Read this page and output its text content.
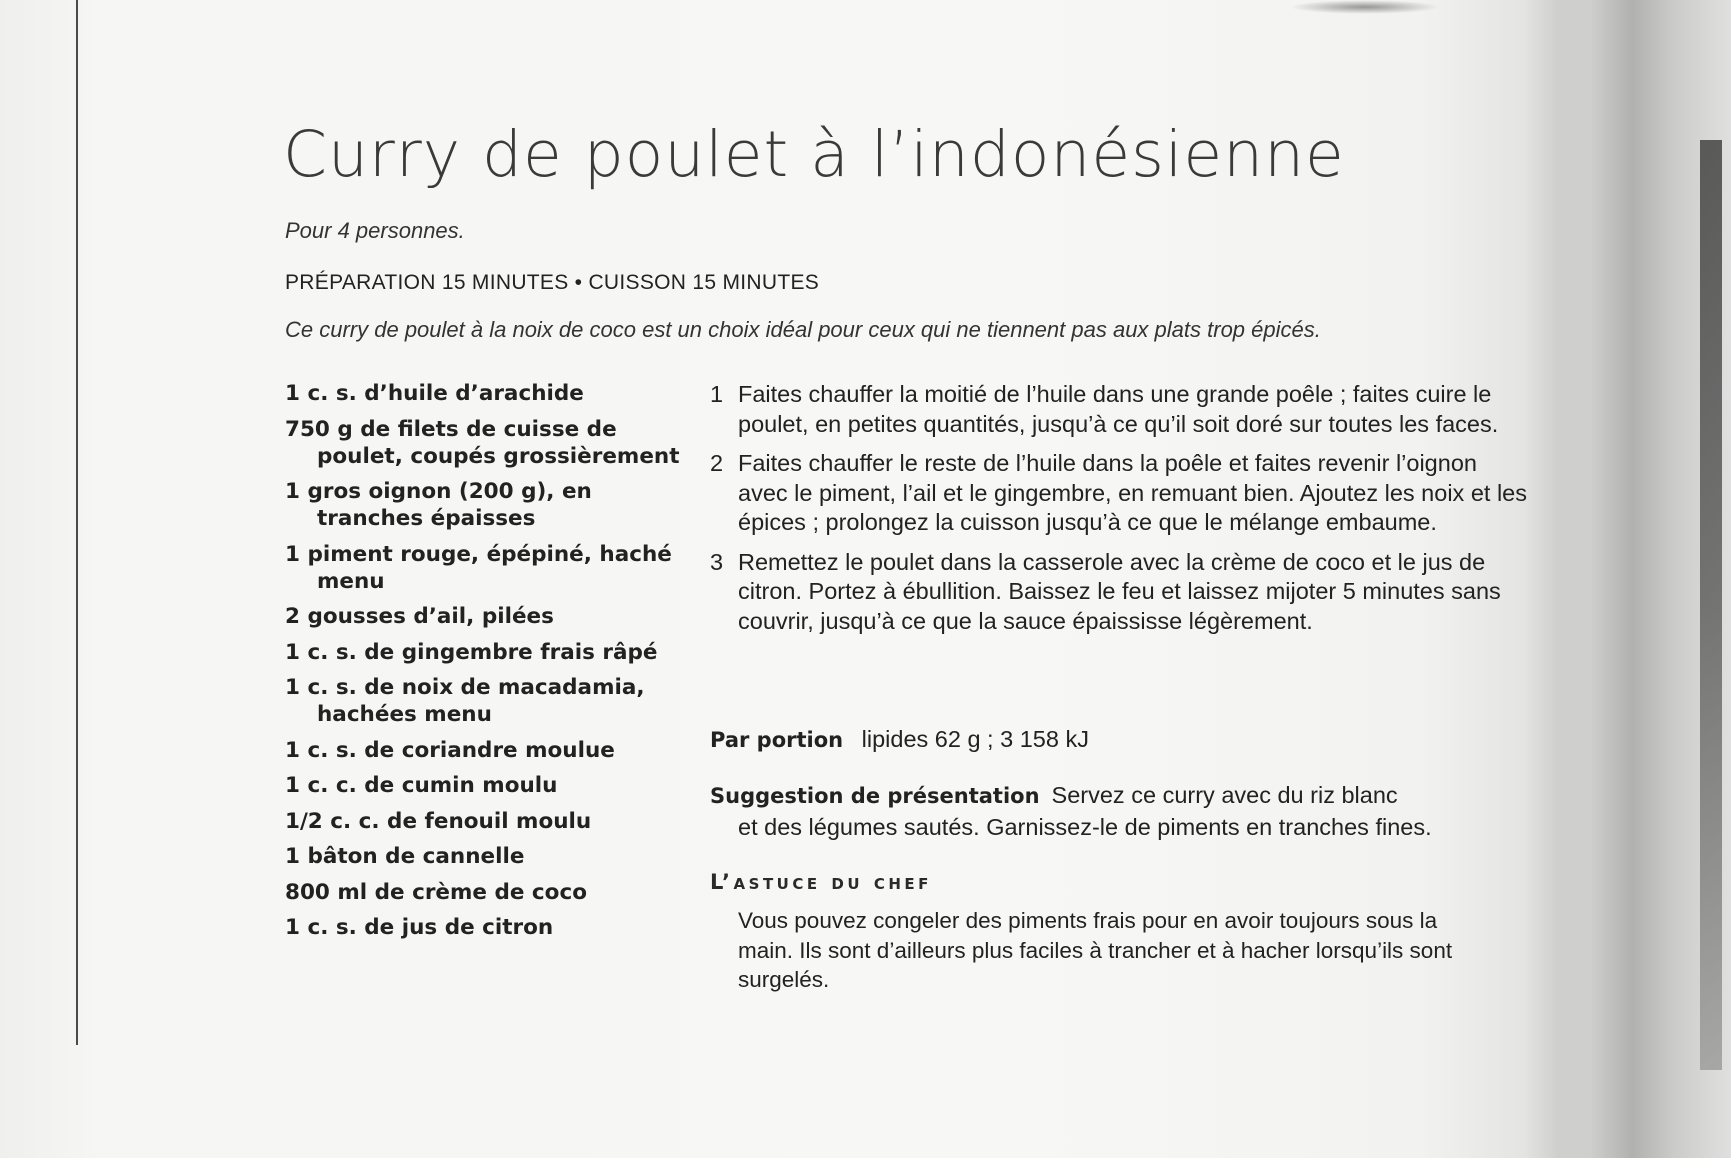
Curry de poulet à l’indonésienne
Pour 4 personnes.
PRÉPARATION 15 MINUTES • CUISSON 15 MINUTES
Ce curry de poulet à la noix de coco est un choix idéal pour ceux qui ne tiennent pas aux plats trop épicés.
1 c. s. d’huile d’arachide
750 g de filets de cuisse de poulet, coupés grossièrement
1 gros oignon (200 g), en tranches épaisses
1 piment rouge, épépiné, haché menu
2 gousses d’ail, pilées
1 c. s. de gingembre frais râpé
1 c. s. de noix de macadamia, hachées menu
1 c. s. de coriandre moulue
1 c. c. de cumin moulu
1/2 c. c. de fenouil moulu
1 bâton de cannelle
800 ml de crème de coco
1 c. s. de jus de citron
1 Faites chauffer la moitié de l’huile dans une grande poêle ; faites cuire le poulet, en petites quantités, jusqu’à ce qu’il soit doré sur toutes les faces.
2 Faites chauffer le reste de l’huile dans la poêle et faites revenir l’oignon avec le piment, l’ail et le gingembre, en remuant bien. Ajoutez les noix et les épices ; prolongez la cuisson jusqu’à ce que le mélange embaume.
3 Remettez le poulet dans la casserole avec la crème de coco et le jus de citron. Portez à ébullition. Baissez le feu et laissez mijoter 5 minutes sans couvrir, jusqu’à ce que la sauce épaississe légèrement.
Par portion lipides 62 g ; 3 158 kJ
Suggestion de présentation Servez ce curry avec du riz blanc
et des légumes sautés. Garnissez-le de piments en tranches fines.
L’astuce du chef
Vous pouvez congeler des piments frais pour en avoir toujours sous la main. Ils sont d’ailleurs plus faciles à trancher et à hacher lorsqu’ils sont surgelés.
